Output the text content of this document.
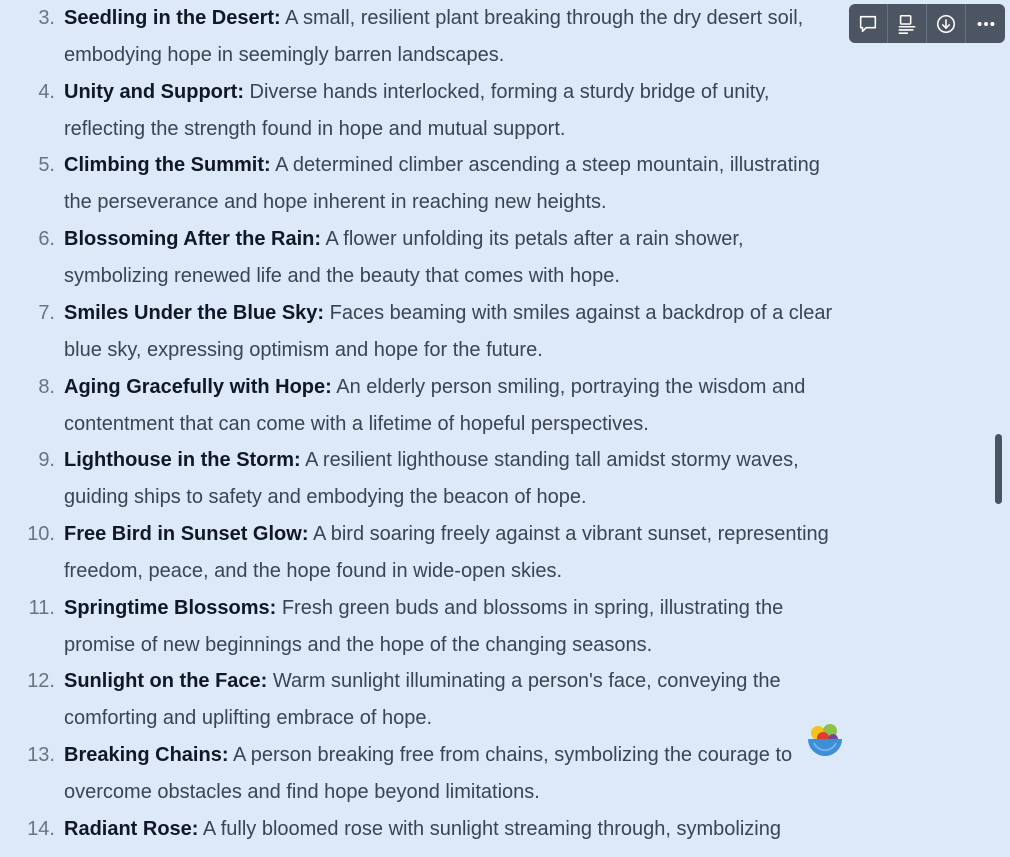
3. Seedling in the Desert: A small, resilient plant breaking through the dry desert soil,
embodying hope in seemingly barren landscapes.
4. Unity and Support: Diverse hands interlocked, forming a sturdy bridge of unity,
reflecting the strength found in hope and mutual support.
5. Climbing the Summit: A determined climber ascending a steep mountain, illustrating
the perseverance and hope inherent in reaching new heights.
6. Blossoming After the Rain: A flower unfolding its petals after a rain shower,
symbolizing renewed life and the beauty that comes with hope.
7. Smiles Under the Blue Sky: Faces beaming with smiles against a backdrop of a clear
blue sky, expressing optimism and hope for the future.
8. Aging Gracefully with Hope: An elderly person smiling, portraying the wisdom and
contentment that can come with a lifetime of hopeful perspectives.
9. Lighthouse in the Storm: A resilient lighthouse standing tall amidst stormy waves,
guiding ships to safety and embodying the beacon of hope.
10. Free Bird in Sunset Glow: A bird soaring freely against a vibrant sunset, representing
freedom, peace, and the hope found in wide-open skies.
11. Springtime Blossoms: Fresh green buds and blossoms in spring, illustrating the
promise of new beginnings and the hope of the changing seasons.
12. Sunlight on the Face: Warm sunlight illuminating a person's face, conveying the
comforting and uplifting embrace of hope.
13. Breaking Chains: A person breaking free from chains, symbolizing the courage to
overcome obstacles and find hope beyond limitations.
14. Radiant Rose: A fully bloomed rose with sunlight streaming through, symbolizing
